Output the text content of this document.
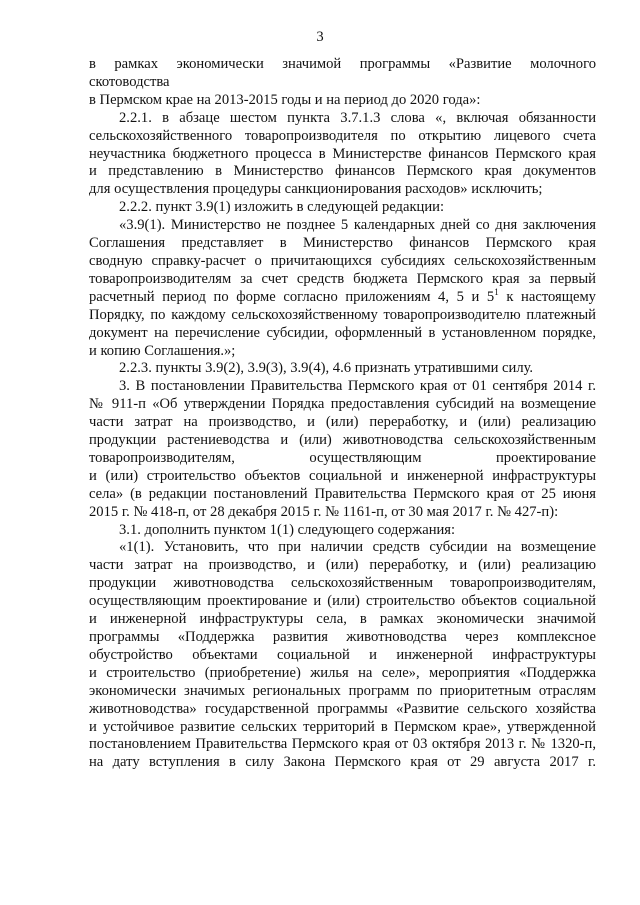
3
в рамках экономически значимой программы «Развитие молочного
скотоводства
в Пермском крае на 2013-2015 годы и на период до 2020 года»:
2.2.1. в абзаце шестом пункта 3.7.1.3 слова «, включая обязанности
сельскохозяйственного товаропроизводителя по открытию лицевого счета
неучастника бюджетного процесса в Министерстве финансов Пермского края
и представлению в Министерство финансов Пермского края документов
для осуществления процедуры санкционирования расходов» исключить;
2.2.2. пункт 3.9(1) изложить в следующей редакции:
«3.9(1). Министерство не позднее 5 календарных дней со дня заключения
Соглашения представляет в Министерство финансов Пермского края
сводную справку-расчет о причитающихся субсидиях сельскохозяйственным
товаропроизводителям за счет средств бюджета Пермского края за первый
расчетный период по форме согласно приложениям 4, 5 и $5^1$ к настоящему
Порядку, по каждому сельскохозяйственному товаропроизводителю платежный
документ на перечисление субсидии, оформленный в установленном порядке,
и копию Соглашения.»;
2.2.3. пункты 3.9(2), 3.9(3), 3.9(4), 4.6 признать утратившими силу.
3. В постановлении Правительства Пермского края от 01 сентября 2014 г.
№ 911-п «Об утверждении Порядка предоставления субсидий на возмещение
части затрат на производство, и (или) переработку, и (или) реализацию
продукции растениеводства и (или) животноводства сельскохозяйственным
товаропроизводителям, осуществляющим проектирование
и (или) строительство объектов социальной и инженерной инфраструктуры
села» (в редакции постановлений Правительства Пермского края от 25 июня
2015 г. № 418-п, от 28 декабря 2015 г. № 1161-п, от 30 мая 2017 г. № 427-п):
3.1. дополнить пунктом 1(1) следующего содержания:
«1(1). Установить, что при наличии средств субсидии на возмещение
части затрат на производство, и (или) переработку, и (или) реализацию
продукции животноводства сельскохозяйственным товаропроизводителям,
осуществляющим проектирование и (или) строительство объектов социальной
и инженерной инфраструктуры села, в рамках экономически значимой
программы «Поддержка развития животноводства через комплексное
обустройство объектами социальной и инженерной инфраструктуры
и строительство (приобретение) жилья на селе», мероприятия «Поддержка
экономически значимых региональных программ по приоритетным отраслям
животноводства» государственной программы «Развитие сельского хозяйства
и устойчивое развитие сельских территорий в Пермском крае», утвержденной
постановлением Правительства Пермского края от 03 октября 2013 г. № 1320-п,
на дату вступления в силу Закона Пермского края от 29 августа 2017 г.
